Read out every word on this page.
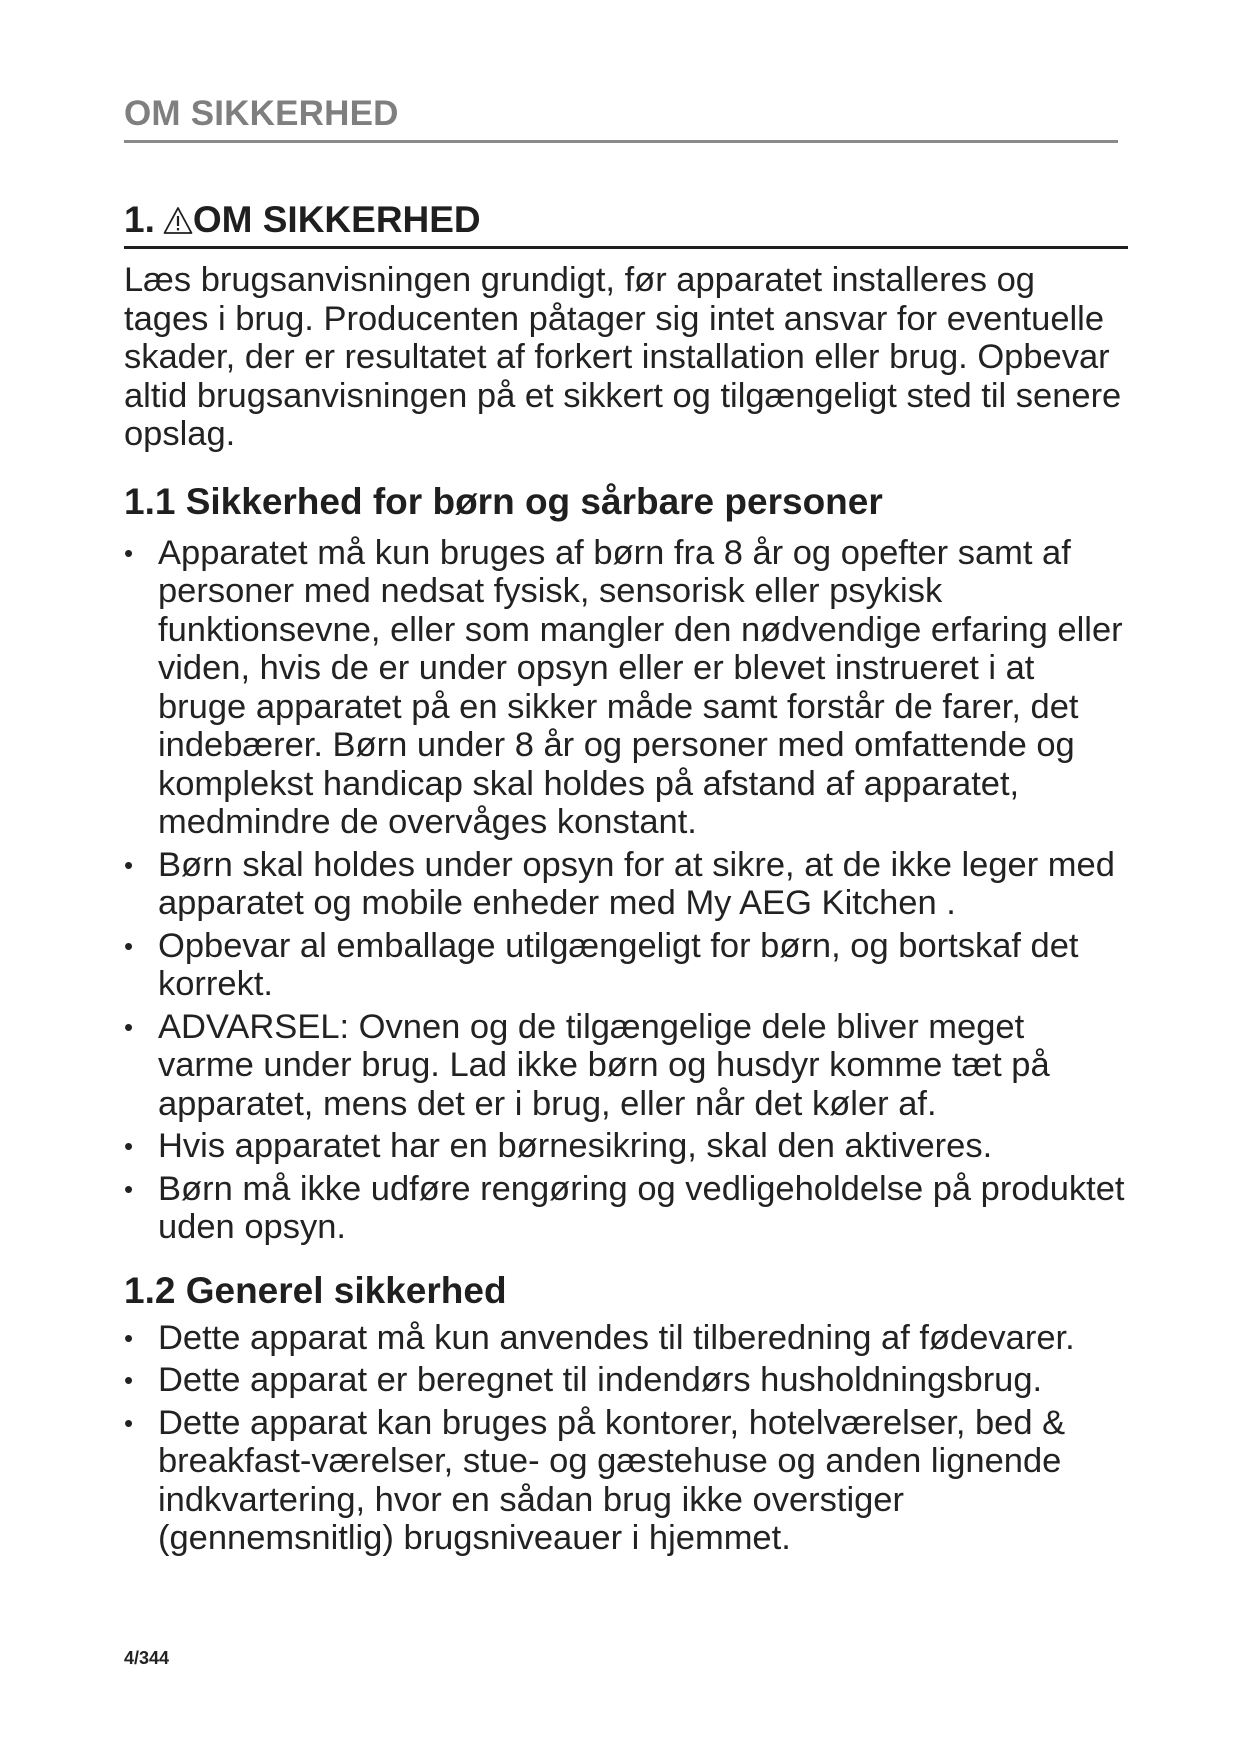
OM SIKKERHED
1. OM SIKKERHED

Læs brugsanvisningen grundigt, før apparatet installeres og tages i brug. Producenten påtager sig intet ansvar for eventuelle skader, der er resultatet af forkert installation eller brug. Opbevar altid brugsanvisningen på et sikkert og tilgængeligt sted til senere opslag.

1.1 Sikkerhed for børn og sårbare personer
• Apparatet må kun bruges af børn fra 8 år og opefter samt af personer med nedsat fysisk, sensorisk eller psykisk funktionsevne, eller som mangler den nødvendige erfaring eller viden, hvis de er under opsyn eller er blevet instrueret i at bruge apparatet på en sikker måde samt forstår de farer, det indebærer. Børn under 8 år og personer med omfattende og komplekst handicap skal holdes på afstand af apparatet, medmindre de overvåges konstant.
• Børn skal holdes under opsyn for at sikre, at de ikke leger med apparatet og mobile enheder med My AEG Kitchen .
• Opbevar al emballage utilgængeligt for børn, og bortskaf det korrekt.
• ADVARSEL: Ovnen og de tilgængelige dele bliver meget varme under brug. Lad ikke børn og husdyr komme tæt på apparatet, mens det er i brug, eller når det køler af.
• Hvis apparatet har en børnesikring, skal den aktiveres.
• Børn må ikke udføre rengøring og vedligeholdelse på produktet uden opsyn.
1.2 Generel sikkerhed
• Dette apparat må kun anvendes til tilberedning af fødevarer.
• Dette apparat er beregnet til indendørs husholdningsbrug.
• Dette apparat kan bruges på kontorer, hotelværelser, bed & breakfast-værelser, stue- og gæstehuse og anden lignende indkvartering, hvor en sådan brug ikke overstiger (gennemsnitlig) brugsniveauer i hjemmet.
4/344
